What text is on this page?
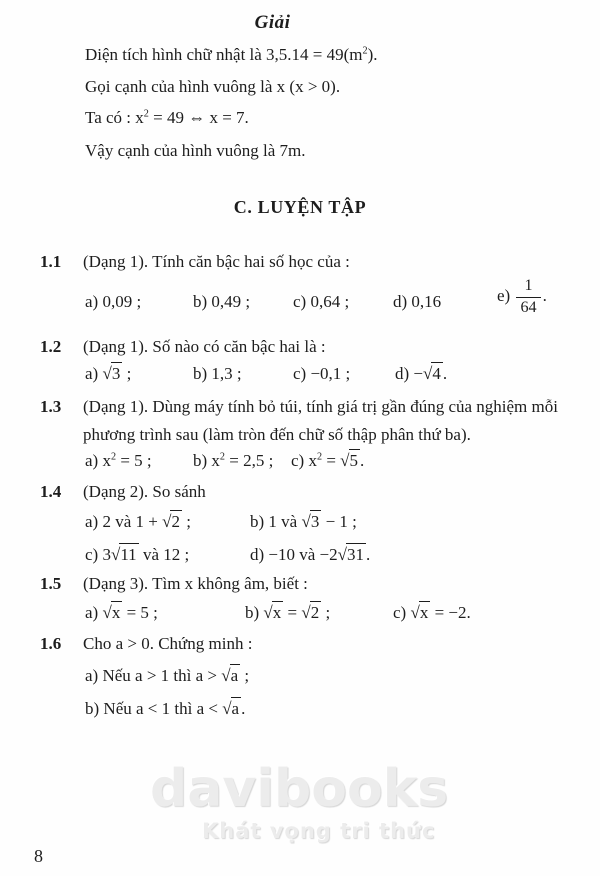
Giải
Diện tích hình chữ nhật là $3,5.14 = 49(m^2)$.
Gọi cạnh của hình vuông là x (x > 0).
Ta có : $x^2 = 49$ ⇔ x = 7.
Vậy cạnh của hình vuông là 7m.
C. LUYỆN TẬP
1.1 (Dạng 1). Tính căn bậc hai số học của :
a) 0,09 ;	b) 0,49 ;	c) 0,64 ;	d) 0,16	$e) \frac{1}{64}$ .
1.2 (Dạng 1). Số nào có căn bậc hai là :
a) √3 ;	b) 1,3 ;	c) −0,1 ;	d) −√4 .
1.3 (Dạng 1). Dùng máy tính bỏ túi, tính giá trị gần đúng của nghiệm mỗi
phương trình sau (làm tròn đến chữ số thập phân thứ ba).
a) $x^2 = 5$ ; b) $x^2 = 2,5$ ; c) $x^2 = √5$ .
1.4 (Dạng 2). So sánh
a) 2 và 1 + √2 ;	b) 1 và √3 − 1 ;
c) 3√11 và 12 ;	d) −10 và −2√31 .
1.5 (Dạng 3). Tìm x không âm, biết :
a) √x = 5 ;	b) √x = √2 ;	c) √x = −2.
1.6 Cho a > 0. Chứng minh :
a) Nếu a > 1 thì a > √a ;
b) Nếu a < 1 thì a < √a .
davibooks
Khát vọng tri thức
8
